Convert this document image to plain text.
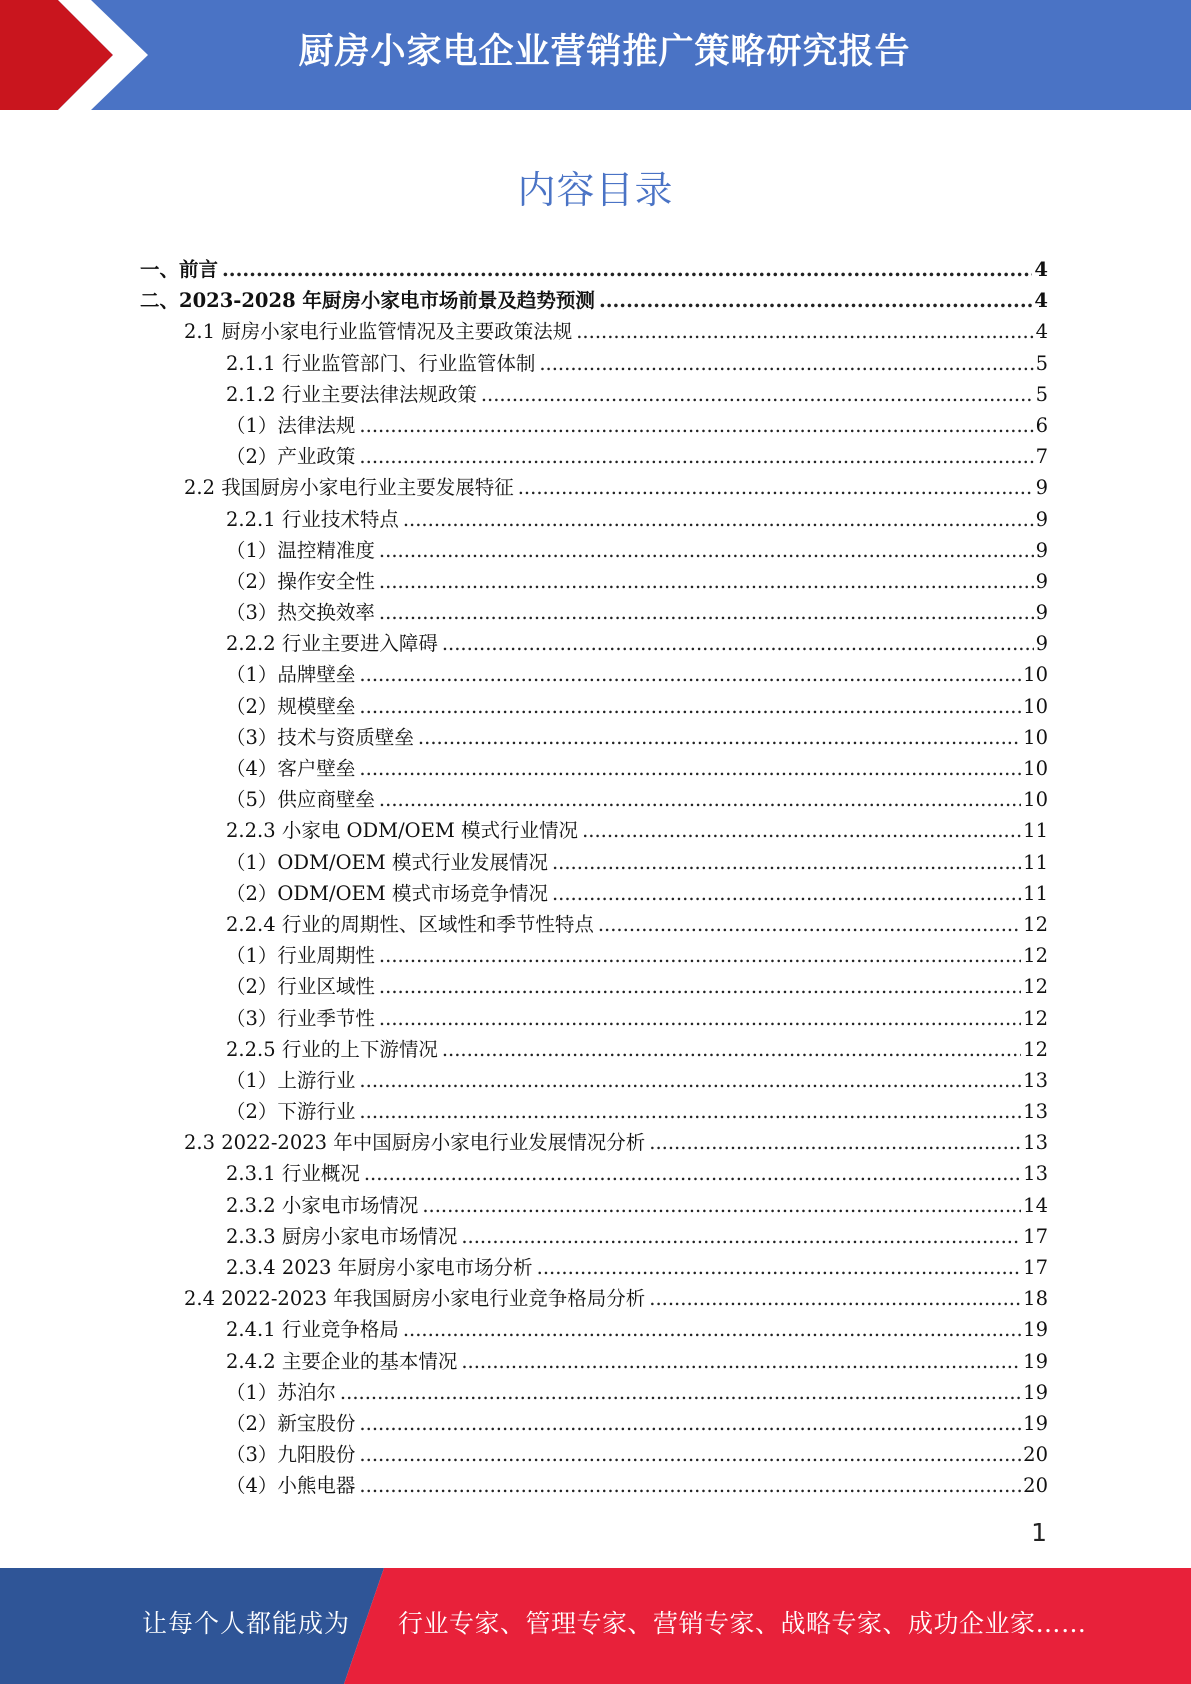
厨房小家电企业营销推广策略研究报告
内容目录
一、前言 .....	4
二、2023-2028 年厨房小家电市场前景及趋势预测 .....	4
2.1 厨房小家电行业监管情况及主要政策法规 .....	4
2.1.1 行业监管部门、行业监管体制 .....	5
2.1.2 行业主要法律法规政策 .....	5
（1）法律法规 .....	6
（2）产业政策 .....	7
2.2 我国厨房小家电行业主要发展特征 .....	9
2.2.1 行业技术特点 .....	9
（1）温控精准度 .....	9
（2）操作安全性 .....	9
（3）热交换效率 .....	9
2.2.2 行业主要进入障碍 .....	9
（1）品牌壁垒 .....	10
（2）规模壁垒 .....	10
（3）技术与资质壁垒 .....	10
（4）客户壁垒 .....	10
（5）供应商壁垒 .....	10
2.2.3 小家电 ODM/OEM 模式行业情况 .....	11
（1）ODM/OEM 模式行业发展情况 .....	11
（2）ODM/OEM 模式市场竞争情况 .....	11
2.2.4 行业的周期性、区域性和季节性特点 .....	12
（1）行业周期性 .....	12
（2）行业区域性 .....	12
（3）行业季节性 .....	12
2.2.5 行业的上下游情况 .....	12
（1）上游行业 .....	13
（2）下游行业 .....	13
2.3 2022-2023 年中国厨房小家电行业发展情况分析 .....	13
2.3.1 行业概况 .....	13
2.3.2 小家电市场情况 .....	14
2.3.3 厨房小家电市场情况 .....	17
2.3.4 2023 年厨房小家电市场分析 .....	17
2.4 2022-2023 年我国厨房小家电行业竞争格局分析 .....	18
2.4.1 行业竞争格局 .....	19
2.4.2 主要企业的基本情况 .....	19
（1）苏泊尔 .....	19
（2）新宝股份 .....	19
（3）九阳股份 .....	20
（4）小熊电器 .....	20
1
让每个人都能成为 行业专家、管理专家、营销专家、战略专家、成功企业家……
